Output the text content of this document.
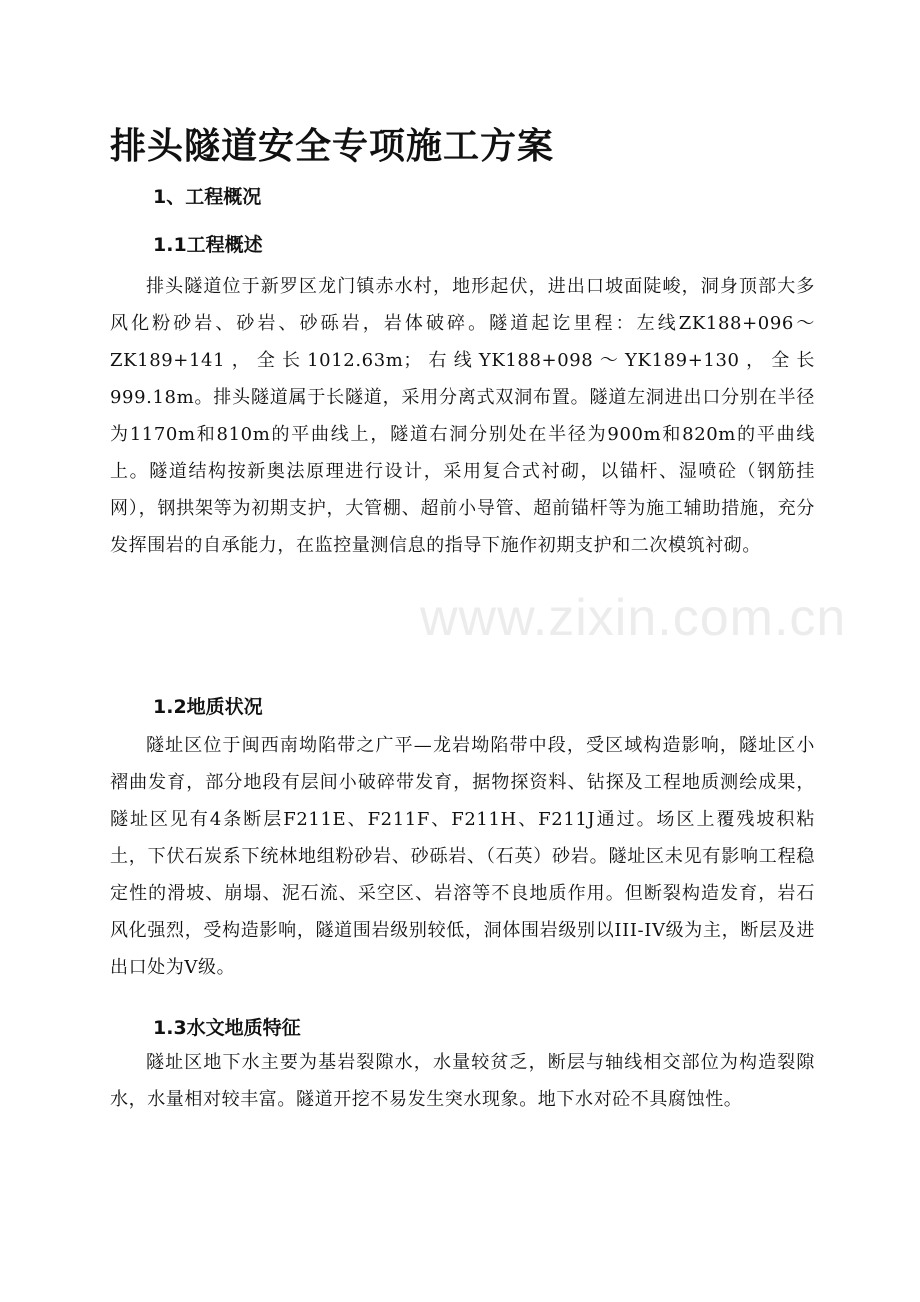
www.zixin.com.cn
排头隧道安全专项施工方案
1、工程概况
1.1工程概述

排头隧道位于新罗区龙门镇赤水村，地形起伏，进出口坡面陡峻，洞身顶部大多风化粉砂岩、砂岩、砂砾岩，岩体破碎。隧道起讫里程：左线ZK188+096～ZK189+141，全长1012.63m；右线YK188+098～YK189+130，全长999.18m。排头隧道属于长隧道，采用分离式双洞布置。隧道左洞进出口分别在半径为1170m和810m的平曲线上，隧道右洞分别处在半径为900m和820m的平曲线上。隧道结构按新奥法原理进行设计，采用复合式衬砌，以锚杆、湿喷砼（钢筋挂网），钢拱架等为初期支护，大管棚、超前小导管、超前锚杆等为施工辅助措施，充分发挥围岩的自承能力，在监控量测信息的指导下施作初期支护和二次模筑衬砌。

1.2地质状况

隧址区位于闽西南坳陷带之广平—龙岩坳陷带中段，受区域构造影响，隧址区小褶曲发育，部分地段有层间小破碎带发育，据物探资料、钻探及工程地质测绘成果，隧址区见有4条断层F211E、F211F、F211H、F211J通过。场区上覆残坡积粘土，下伏石炭系下统林地组粉砂岩、砂砾岩、（石英）砂岩。隧址区未见有影响工程稳定性的滑坡、崩塌、泥石流、采空区、岩溶等不良地质作用。但断裂构造发育，岩石风化强烈，受构造影响，隧道围岩级别较低，洞体围岩级别以III-IV级为主，断层及进出口处为Ⅴ级。

1.3水文地质特征

隧址区地下水主要为基岩裂隙水，水量较贫乏，断层与轴线相交部位为构造裂隙水，水量相对较丰富。隧道开挖不易发生突水现象。地下水对砼不具腐蚀性。
